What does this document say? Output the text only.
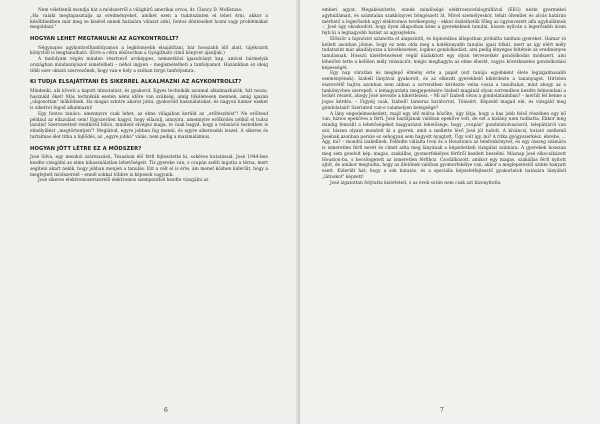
Nem véletlenül mondja hát a módszerről a világhírű amerikai orvos, dr. Clancy D. McKenzie:

„Ha valaki megtapasztalja az eredményeket, amiket ezen a tudatszinten el lehet érni, akkor a későbbiekben már meg se kísérel ennek hatására választ adni, fontos dönteseket hozni vagy problémákat megoldani."

HOGYAN LEHET MEGTANULNI AZ AGYKONTROLLT?

Négynapos agykontrolltanfolyamon a legkönnyebb elsajátítani, bár hosszabb idő alatt, tájékozott könyvből is megtanulható. (Erre a célra elsősorban a Gyógítható című könyvet ajánljuk.)

A tanfolyam végén minden résztvevő arcképpes, nemzetközi igazolványt kap, amivel bármelyik országban mindannyiszor ismételheti – néhol ingyen – megismételheti a tanfolyamot. Hazánkban ez ideig több ezer oktató szervezőnek, hogy van-e hely a szóban forgó tanfolyamra.

KI TUDJA ELSAJÁTÍTANI ÉS SIKERREL ALKALMAZNI AZ AGYKONTROLLT?

Mindenki, aki követi a kapott útmutatást, és gyakorol. Egyes technikák azonnal alkalmazhatók, hát nosza, használd őket! Más technikák esetén némi időre van szükség, amíg tökéletesen mennek, amíg igazán „olajozottan" működnek. Ha magas szintre akarsz jutni, gyakorold használatukat, és nagyon hamar ezeket is sikerrel fogod alkalmazni!

Egy fontos tanács: amennyire csak lehet, az elme világában kerüld az „erőfeszítést"! Ne erőltesd például az ellazulást sem! Egyszerűen hagyd, hogy ellazulj, amnyira, amennyire erőlködés nélkül el tudsz lazulni! Szervezetted rendkívül bölcs, mindent elvégez maga, te csak hagyd, hogy a relaxáció testedben is elmélyülést „megtörtentjen"! Meglátod, egyre jobban fog menni, és egyre sikeresebb leszel. A sikeres és tartalmas élet titka a fejlődés, az „egyre jobbá" válás, nem pedig a maximalizmus.

HOGYAN JÖTT LÉTRE EZ A MÓDSZER?

José Silva, egy mexikói származású, Texasban élő férfi fejlesztette ki, sokéves kutatással. José 1944-ben kezdte vizsgálni az elme kihasználatlan lehetőségeit. Tíz gyereke van, s csupán szélti ingatta a térna, mert segíteni akart nekik, hogy jobban menjen a tanulás. Ezt a célt el is érte, ám menet közben kiderült, hogy a megfejtett módszernél – ennél sokkal többre is képesek vagyunk.

José sikeres elektromszerszerelő elektromos szempontból kezdte vizsgálni az

6

emberi agyat. Megakészítette, ennek mindöségé elektroencefalográfiával (EEG) nézte gyermekei agyhullámait, és számtalan szakkönyvet böngészett át. Mivel személyeskör, tehát öltentlet és alvás határán mérhető a legerősebb agyi elektromos tevékenység – ekkor észlelhetők főleg az úgynevezett alfa agyhullámok –, José úgy okoskodott, hogy ilyen állapotban kéne a gyerekeknek tanulni, hiszen nyilván a legerősebb áram fejti ki a legnagyobb hatást az agysejtekre.

Először a hipnózist számotta el alapszintű, és hipnonikus állapotban próbálta tanítani gyereket. Hamar rá kellett azonban jönnie, hogy ez nem olda meg a hatékonyabb tanulás igazi titkát, mert az így elért mély tudatszint már akadályozza a kivetkezetést, logikus gondolkodást, ami pedig lényeges feltétele az eredményes tanulásnak. Hosszú kísérletezéssel végül kialakított egy olyan tévvezetkér gondolkodás módszert, ami lehetővé tette a kellően mély relaxációt, mégis meghagyta az elme éberét, vagyis következetes gondolkodási képességét.

Egy nap váratlan és meglepő élmény érte a papát (ezt tanúja egyébként élete legizgalmasabb eseményének). Izabell lányával gyakorolt, és az elkezdt gyerekkelő kikérdezte a tananyagot. Hirtelen észrevétlő hajtva azonban nem abban a sorrendben kérdezte velsa vosza a tanultakat, mint ahogy az a tankönyvben szerepelt, s lemagyarázta megjepetésére Izabell magánál olyan sorrendben kezdte felmondani a leckét részeit, ahogy José nevezte a kikérdezést. – Mi az? Izabell olvas a gondolataimban? – merült fel benne a jogos kérdés. – Figyelj csak, Izabell! Iameraz barátorrat, Tónisért. Képzeld magad elé, és vizsgáld meg gondolataid! Szerinted van-e valamelyen betegsége?

A lány engedelmeskedett, majd egy idő múlva közölte, úgy látja, hogy a has jobb felső részében egy kő van, biztos epekőves a férfi. José barátjának valóban epekőve volt, de ezt a kislány nem tudhatta. Ekkor még mindig fennállt a lehetőségeket magyarázat lehetősége, hogy „csupán" gondolatolvasásról, telepátiáról van szó, hiszen olyant mondott ki a gyerek, amit a mellette lévő José jól tudott. A kíváncsi, kutató szellemű Josénak azonban persze ez sehogyan sem hagyott nyugtott. Úgy volt így, mi? A ritka gyógyszerkész, ébrebe, ... Agy, mi? – mondta izabellnek. Felfedte vállalta Ivon és a Houstonra az telefonkönyvet, és egy összeg számára is ismeretlen férfi nevét és címét adta meg lányának a képzeletbeli vizsgálat számára. A gyerekek hosszan meg sem gondolt kép: magas, szakállas, gyomorfekélyes férfiről kezdett beszélni. Másnap José elkocsikázott Houston-ba, s becsöngetett az ismeretlen férfihoz. Csodálkozott, amikor egy magas, szakállas férfi nyitott ajtót, de amikor megtudta, hogy az illetőnek valóban gyomorfekélye van, akkor a meglepetéstől szinte hanyatt esett. Kiderült hát, hogy a sok kutatás, és a speciális képzeletfejlesztő gyakorlatok hatására lányából „látnokot" képzett!

José izgatottan folytatta kísérleteit, s az évek során nem csak azt bizonyította

7
